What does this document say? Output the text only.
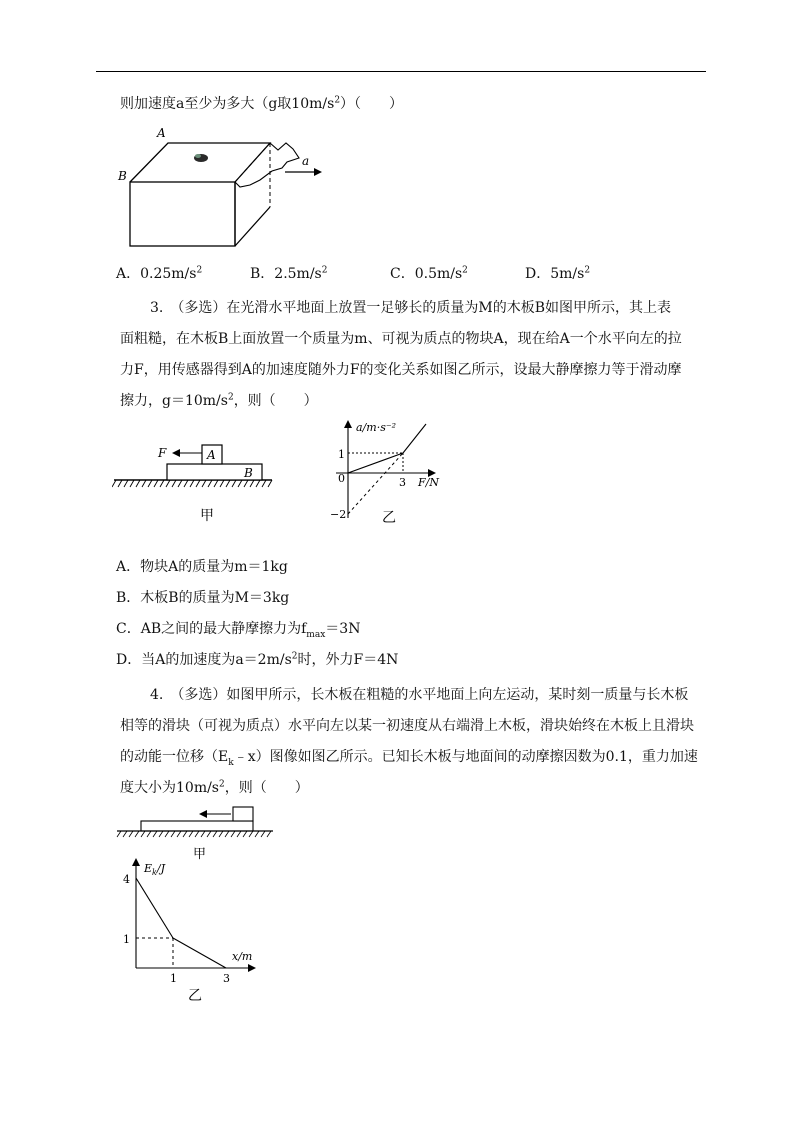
则加速度a至少为多大（g取$10m/s^2$）（　　）
a
A
B
A．$0.25m/s^2$	B．$2.5m/s^2$	C．$0.5m/s^2$	D．$5m/s^2$
3.　（多选）在光滑水平地面上放置一足够长的质量为M的木板B如图甲所示，其上表
面粗糙，在木板B上面放置一个质量为m、可视为质点的物块A，现在给A一个水平向左的拉
力F，用传感器得到A的加速度随外力F的变化关系如图乙所示，设最大静摩擦力等于滑动摩
擦力，$g=10m/s^2$，则（　　）
F	A
B
甲
a/m·s⁻²
1
0	3 F/N
−2	乙
A．物块A的质量为m＝1kg
B．木板B的质量为M＝3kg
C．AB之间的最大静摩擦力为$f_{max}=3N$
D．当A的加速度为$a=2m/s^2$时，外力F＝4N
4.　（多选）如图甲所示，长木板在粗糙的水平地面上向左运动，某时刻一质量与长木板
相等的滑块（可视为质点）水平向左以某一初速度从右端滑上木板，滑块始终在木板上且滑块
的动能一位移$(E_k﹣x)$图像如图乙所示。已知长木板与地面间的动摩擦因数为0.1，重力加速
度大小为$10m/s^2$，则（　　）
甲
$E_k/J$
4
1
1	3
x/m
乙
